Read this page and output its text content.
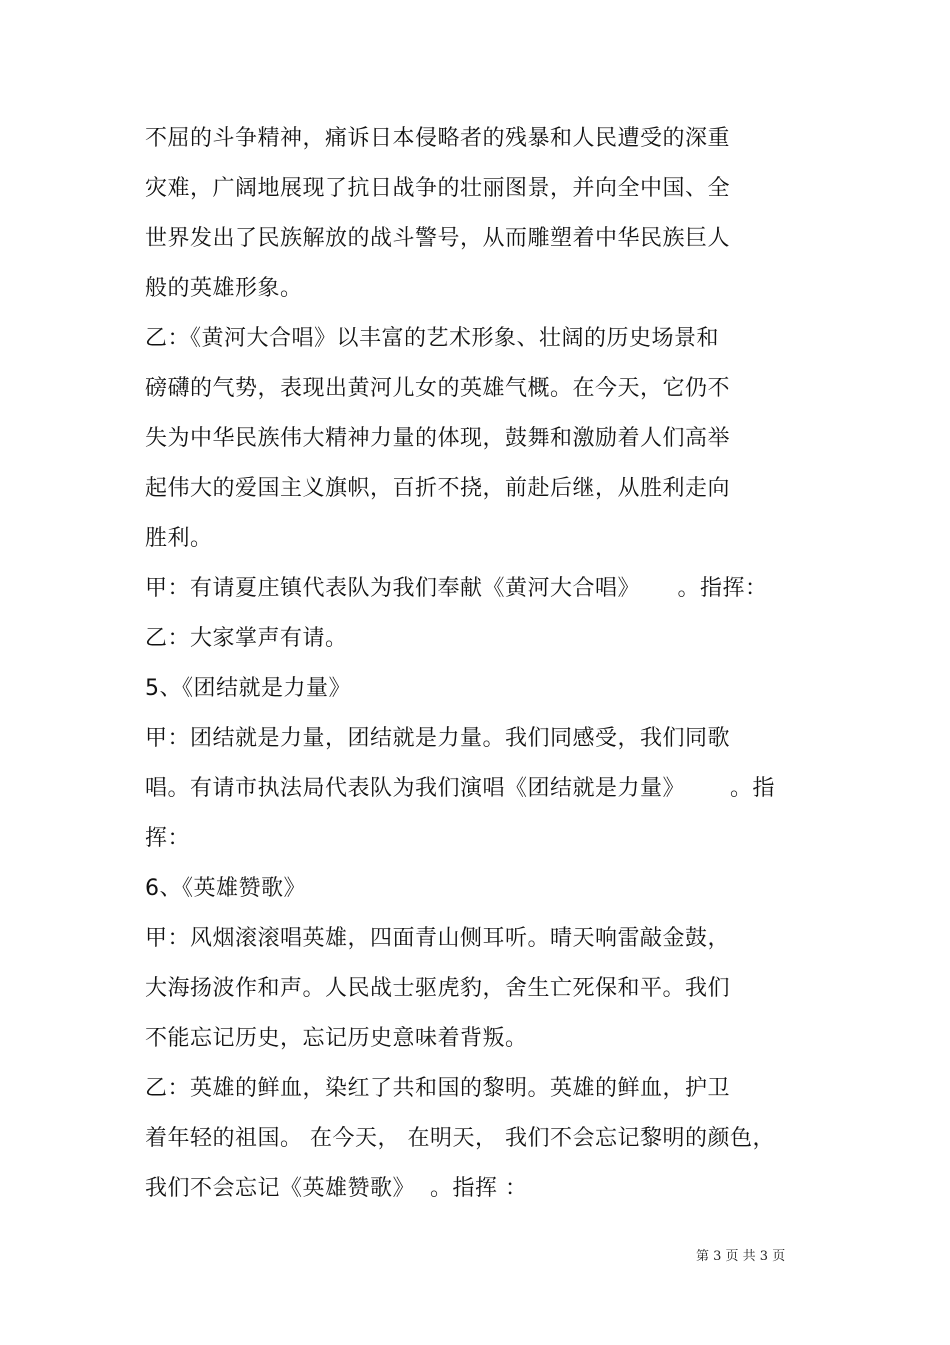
不屈的斗争精神，痛诉日本侵略者的残暴和人民遭受的深重
灾难，广阔地展现了抗日战争的壮丽图景，并向全中国、全
世界发出了民族解放的战斗警号，从而雕塑着中华民族巨人
般的英雄形象。
乙：《黄河大合唱》以丰富的艺术形象、壮阔的历史场景和
磅礴的气势，表现出黄河儿女的英雄气概。在今天，它仍不
失为中华民族伟大精神力量的体现，鼓舞和激励着人们高举
起伟大的爱国主义旗帜，百折不挠，前赴后继，从胜利走向
胜利。
甲：有请夏庄镇代表队为我们奉献《黄河大合唱》     。指挥：
乙：大家掌声有请。
5、《团结就是力量》
甲：团结就是力量，团结就是力量。我们同感受，我们同歌
唱。有请市执法局代表队为我们演唱《团结就是力量》      。指
挥：
6、《英雄赞歌》
甲：风烟滚滚唱英雄，四面青山侧耳听。晴天响雷敲金鼓，
大海扬波作和声。人民战士驱虎豹，舍生亡死保和平。我们
不能忘记历史，忘记历史意味着背叛。
乙：英雄的鲜血，染红了共和国的黎明。英雄的鲜血，护卫
着年轻的祖国。 在今天， 在明天， 我们不会忘记黎明的颜色，
我们不会忘记《英雄赞歌》  。指挥 ：
第 3 页 共 3 页
